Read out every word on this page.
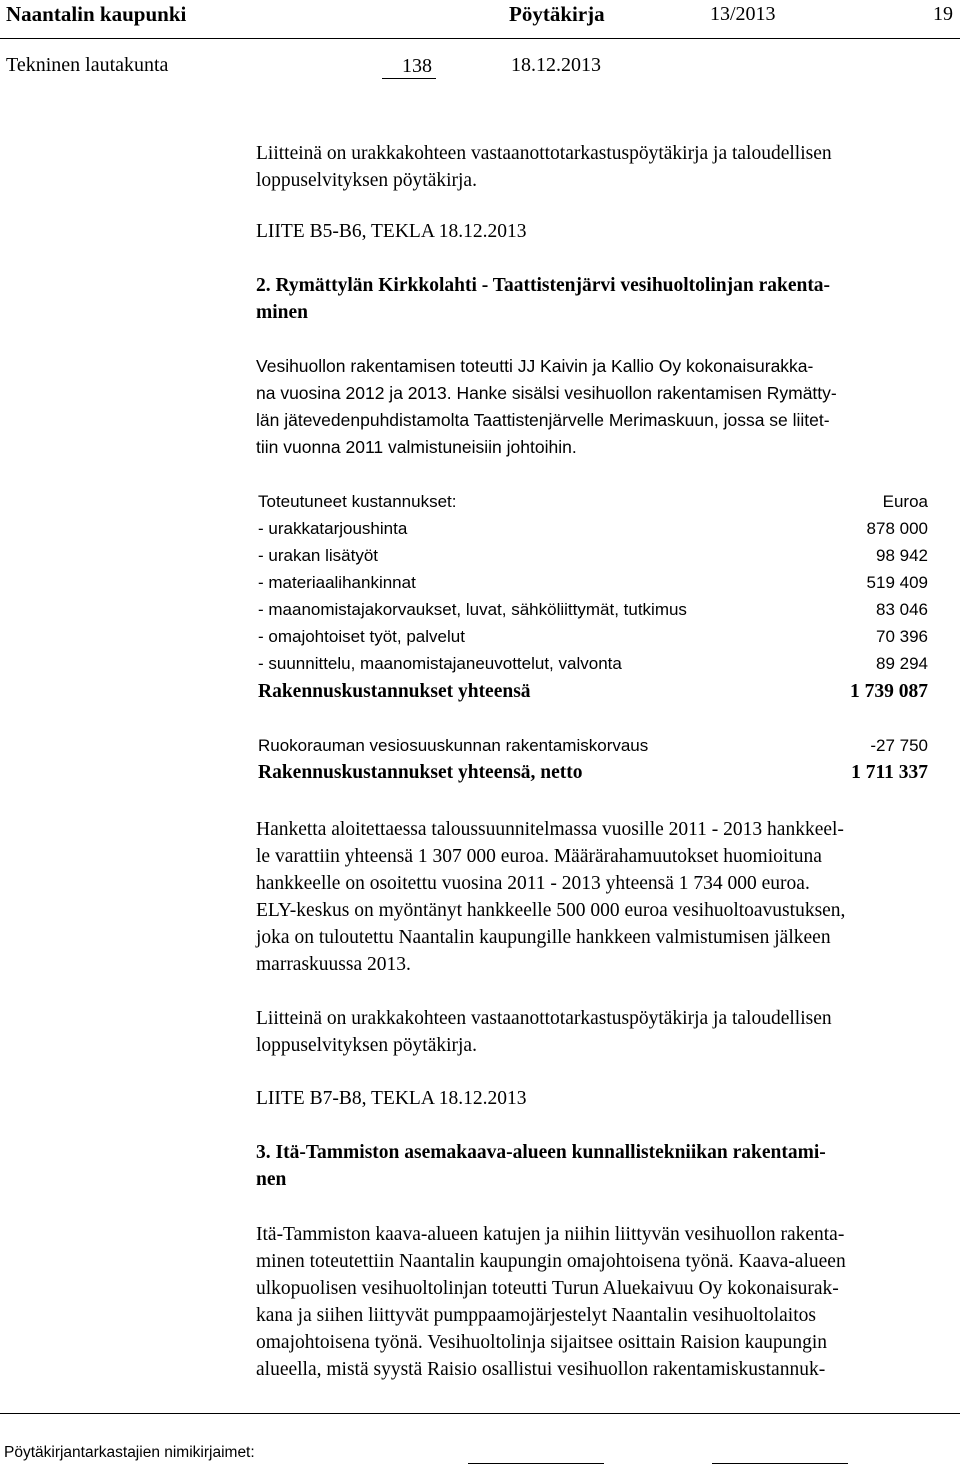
Naantalin kaupunki	Pöytäkirja	13/2013	19
Tekninen lautakunta	138	18.12.2013
Liitteinä on urakkakohteen vastaanottotarkastuspöytäkirja ja taloudellisen
loppuselvityksen pöytäkirja.
LIITE B5-B6, TEKLA 18.12.2013
2. Rymättylän Kirkkolahti - Taattistenjärvi vesihuoltolinjan rakenta-
minen
Vesihuollon rakentamisen toteutti JJ Kaivin ja Kallio Oy kokonaisurakka-
na vuosina 2012 ja 2013. Hanke sisälsi vesihuollon rakentamisen Rymätty-
län jätevedenpuhdistamolta Taattistenjärvelle Merimaskuun, jossa se liitet-
tiin vuonna 2011 valmistuneisiin johtoihin.
Toteutuneet kustannukset:	Euroa
- urakkatarjoushinta	878 000
- urakan lisätyöt	98 942
- materiaalihankinnat	519 409
- maanomistajakorvaukset, luvat, sähköliittymät, tutkimus	83 046
- omajohtoiset työt, palvelut	70 396
- suunnittelu, maanomistajaneuvottelut, valvonta	89 294
Rakennuskustannukset yhteensä	1 739 087
Ruokorauman vesiosuuskunnan rakentamiskorvaus	-27 750
Rakennuskustannukset yhteensä, netto	1 711 337
Hanketta aloitettaessa taloussuunnitelmassa vuosille 2011 - 2013 hankkeel-
le varattiin yhteensä 1 307 000 euroa. Määrärahamuutokset huomioituna
hankkeelle on osoitettu vuosina 2011 - 2013 yhteensä 1 734 000 euroa.
ELY-keskus on myöntänyt hankkeelle 500 000 euroa vesihuoltoavustuksen,
joka on tuloutettu Naantalin kaupungille hankkeen valmistumisen jälkeen
marraskuussa 2013.
Liitteinä on urakkakohteen vastaanottotarkastuspöytäkirja ja taloudellisen
loppuselvityksen pöytäkirja.
LIITE B7-B8, TEKLA 18.12.2013
3. Itä-Tammiston asemakaava-alueen kunnallistekniikan rakentami-
nen
Itä-Tammiston kaava-alueen katujen ja niihin liittyvän vesihuollon rakenta-
minen toteutettiin Naantalin kaupungin omajohtoisena työnä. Kaava-alueen
ulkopuolisen vesihuoltolinjan toteutti Turun Aluekaivuu Oy kokonaisurak-
kana ja siihen liittyvät pumppaamojärjestelyt Naantalin vesihuoltolaitos
omajohtoisena työnä. Vesihuoltolinja sijaitsee osittain Raision kaupungin
alueella, mistä syystä Raisio osallistui vesihuollon rakentamiskustannuk-
Pöytäkirjantarkastajien nimikirjaimet:
